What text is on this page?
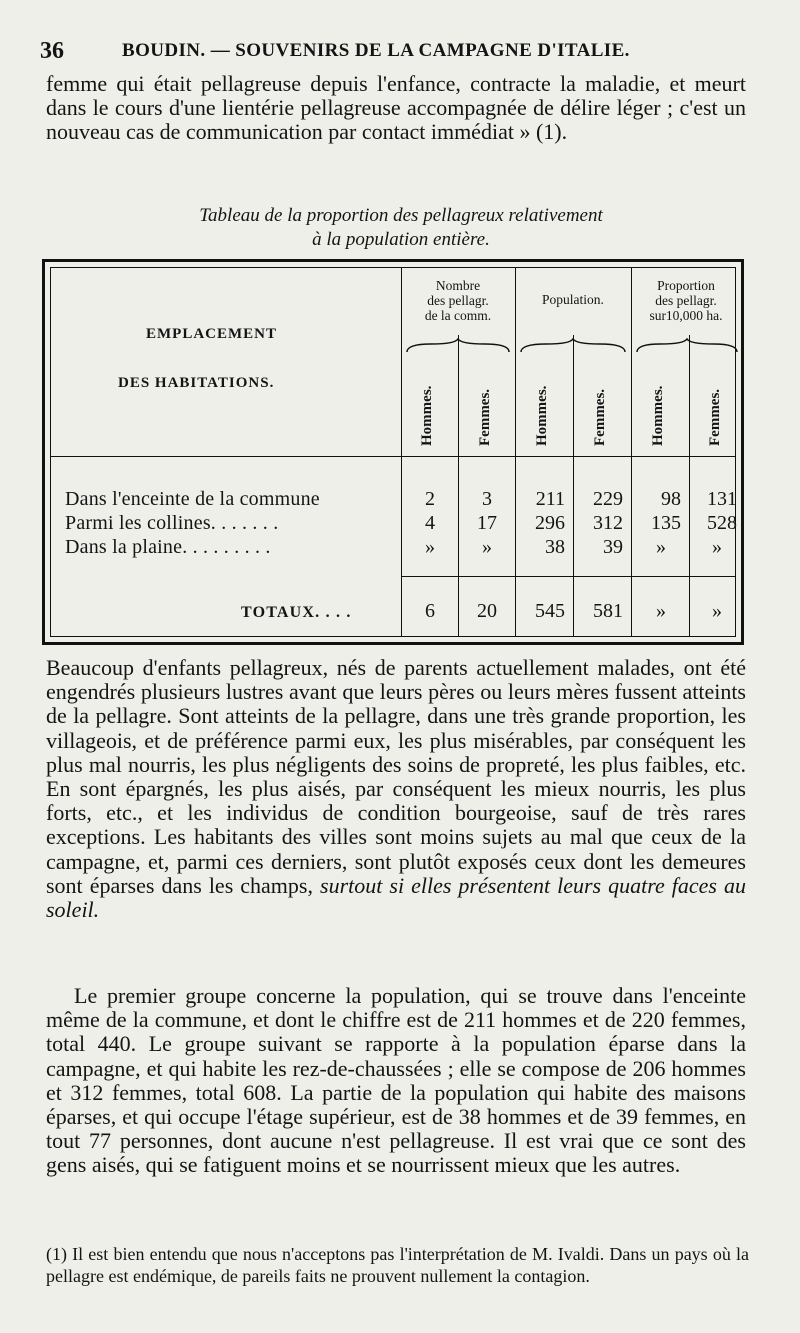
36	BOUDIN. — SOUVENIRS DE LA CAMPAGNE D'ITALIE.
femme qui était pellagreuse depuis l'enfance, contracte la maladie, et meurt dans le cours d'une lientérie pellagreuse accompagnée de délire léger ; c'est un nouveau cas de communication par contact immédiat » (1).
Tableau de la proportion des pellagreux relativement
à la population entière.
EMPLACEMENT
DES HABITATIONS.
Nombre
des pellagr.
de la comm.
Population.
Proportion
des pellagr.
sur10,000 ha.
Hommes.	Femmes.	Hommes.	Femmes.	Hommes.	Femmes.
Dans l'enceinte de la commune	2	3	211	229	98	131
Parmi les collines. . . . . . .	4	17	296	312	135	528
Dans la plaine. . . . . . . . .	»	»	38	39	»	»
TOTAUX. . . .	6	20	545	581	»	»
Beaucoup d'enfants pellagreux, nés de parents actuellement malades, ont été engendrés plusieurs lustres avant que leurs pères ou leurs mères fussent atteints de la pellagre. Sont atteints de la pellagre, dans une très grande proportion, les villageois, et de préférence parmi eux, les plus misérables, par conséquent les plus mal nourris, les plus négligents des soins de propreté, les plus faibles, etc. En sont épargnés, les plus aisés, par conséquent les mieux nourris, les plus forts, etc., et les individus de condition bourgeoise, sauf de très rares exceptions. Les habitants des villes sont moins sujets au mal que ceux de la campagne, et, parmi ces derniers, sont plutôt exposés ceux dont les demeures sont éparses dans les champs, surtout si elles présentent leurs quatre faces au soleil.
Le premier groupe concerne la population, qui se trouve dans l'enceinte même de la commune, et dont le chiffre est de 211 hommes et de 220 femmes, total 440. Le groupe suivant se rapporte à la population éparse dans la campagne, et qui habite les rez-de-chaussées ; elle se compose de 206 hommes et 312 femmes, total 608. La partie de la population qui habite des maisons éparses, et qui occupe l'étage supérieur, est de 38 hommes et de 39 femmes, en tout 77 personnes, dont aucune n'est pellagreuse. Il est vrai que ce sont des gens aisés, qui se fatiguent moins et se nourrissent mieux que les autres.
(1) Il est bien entendu que nous n'acceptons pas l'interprétation de M. Ivaldi. Dans un pays où la pellagre est endémique, de pareils faits ne prouvent nullement la contagion.
